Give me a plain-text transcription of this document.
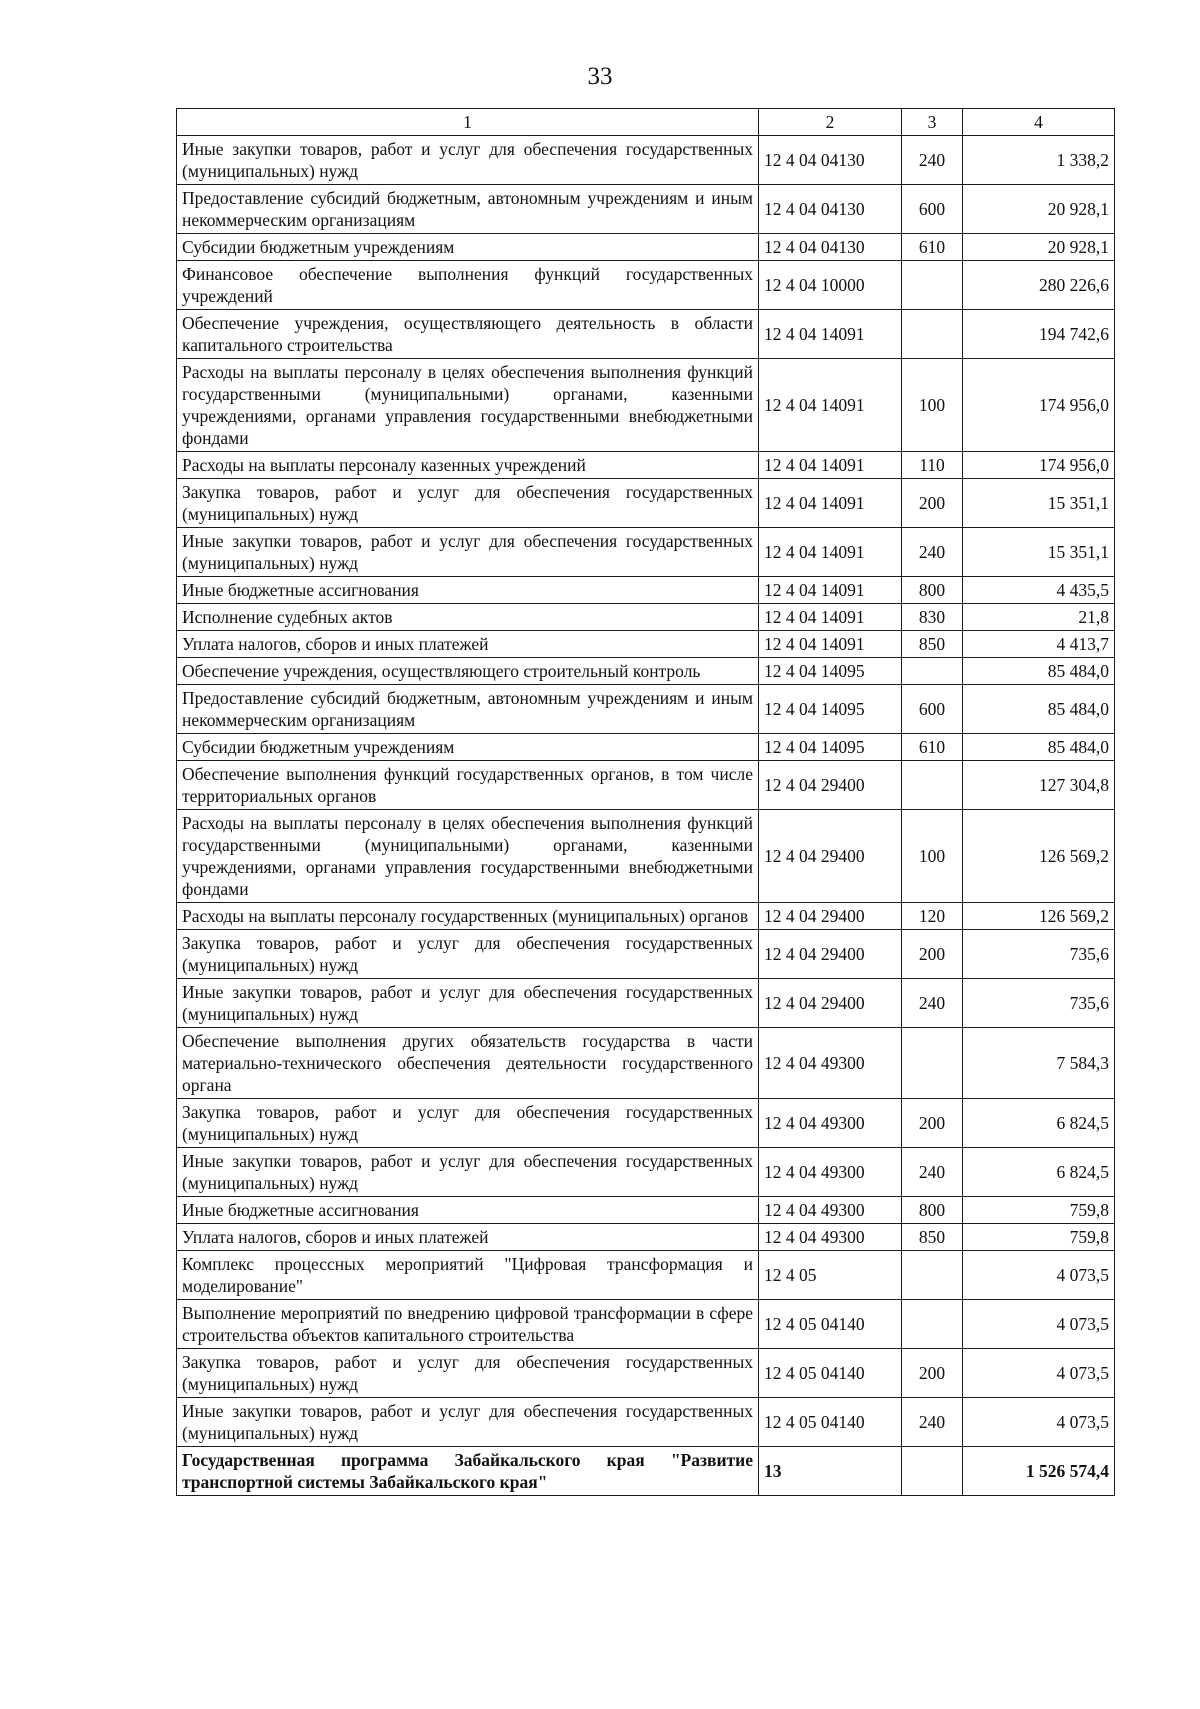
33
1	2	3	4
Иные закупки товаров, работ и услуг для обеспечения государственных (муниципальных) нужд	12 4 04 04130	240	1 338,2
Предоставление субсидий бюджетным, автономным учреждениям и иным некоммерческим организациям	12 4 04 04130	600	20 928,1
Субсидии бюджетным учреждениям	12 4 04 04130	610	20 928,1
Финансовое обеспечение выполнения функций государственных учреждений	12 4 04 10000		280 226,6
Обеспечение учреждения, осуществляющего деятельность в области капитального строительства	12 4 04 14091		194 742,6
Расходы на выплаты персоналу в целях обеспечения выполнения функций государственными (муниципальными) органами, казенными учреждениями, органами управления государственными внебюджетными фондами	12 4 04 14091	100	174 956,0
Расходы на выплаты персоналу казенных учреждений	12 4 04 14091	110	174 956,0
Закупка товаров, работ и услуг для обеспечения государственных (муниципальных) нужд	12 4 04 14091	200	15 351,1
Иные закупки товаров, работ и услуг для обеспечения государственных (муниципальных) нужд	12 4 04 14091	240	15 351,1
Иные бюджетные ассигнования	12 4 04 14091	800	4 435,5
Исполнение судебных актов	12 4 04 14091	830	21,8
Уплата налогов, сборов и иных платежей	12 4 04 14091	850	4 413,7
Обеспечение учреждения, осуществляющего строительный контроль	12 4 04 14095		85 484,0
Предоставление субсидий бюджетным, автономным учреждениям и иным некоммерческим организациям	12 4 04 14095	600	85 484,0
Субсидии бюджетным учреждениям	12 4 04 14095	610	85 484,0
Обеспечение выполнения функций государственных органов, в том числе территориальных органов	12 4 04 29400		127 304,8
Расходы на выплаты персоналу в целях обеспечения выполнения функций государственными (муниципальными) органами, казенными учреждениями, органами управления государственными внебюджетными фондами	12 4 04 29400	100	126 569,2
Расходы на выплаты персоналу государственных (муниципальных) органов	12 4 04 29400	120	126 569,2
Закупка товаров, работ и услуг для обеспечения государственных (муниципальных) нужд	12 4 04 29400	200	735,6
Иные закупки товаров, работ и услуг для обеспечения государственных (муниципальных) нужд	12 4 04 29400	240	735,6
Обеспечение выполнения других обязательств государства в части материально-технического обеспечения деятельности государственного органа	12 4 04 49300		7 584,3
Закупка товаров, работ и услуг для обеспечения государственных (муниципальных) нужд	12 4 04 49300	200	6 824,5
Иные закупки товаров, работ и услуг для обеспечения государственных (муниципальных) нужд	12 4 04 49300	240	6 824,5
Иные бюджетные ассигнования	12 4 04 49300	800	759,8
Уплата налогов, сборов и иных платежей	12 4 04 49300	850	759,8
Комплекс процессных мероприятий "Цифровая трансформация и моделирование"	12 4 05		4 073,5
Выполнение мероприятий по внедрению цифровой трансформации в сфере строительства объектов капитального строительства	12 4 05 04140		4 073,5
Закупка товаров, работ и услуг для обеспечения государственных (муниципальных) нужд	12 4 05 04140	200	4 073,5
Иные закупки товаров, работ и услуг для обеспечения государственных (муниципальных) нужд	12 4 05 04140	240	4 073,5
Государственная программа Забайкальского края "Развитие транспортной системы Забайкальского края"	13		1 526 574,4
